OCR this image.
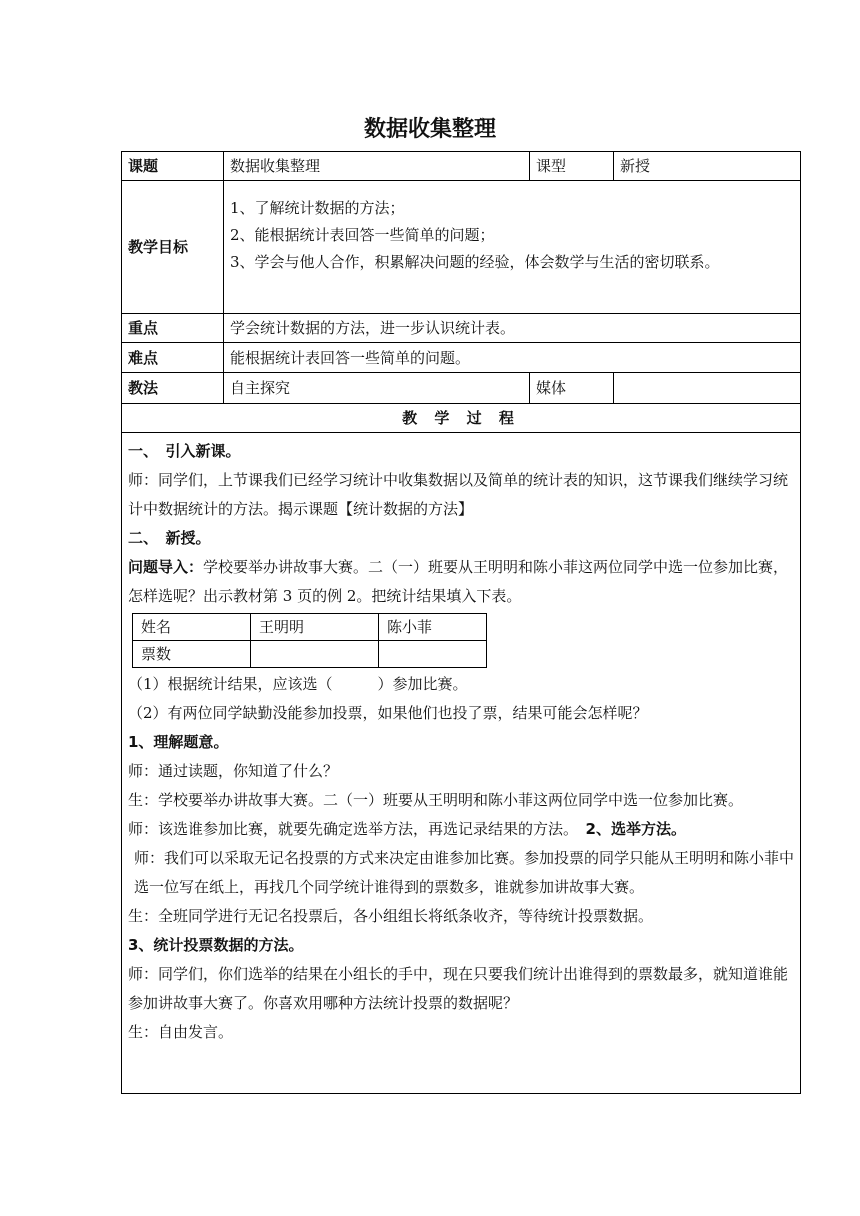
数据收集整理
课题	数据收集整理	课型	新授
教学目标	
1、了解统计数据的方法；
2、能根据统计表回答一些简单的问题；
3、学会与他人合作，积累解决问题的经验，体会数学与生活的密切联系。

重点	学会统计数据的方法，进一步认识统计表。
难点	能根据统计表回答一些简单的问题。
教法	自主探究	媒体	
教 学 过 程

一、　引入新课。

师：同学们，上节课我们已经学习统计中收集数据以及简单的统计表的知识，这节课我们继续学习统计中数据统计的方法。揭示课题【统计数据的方法】

二、　新授。

问题导入：学校要举办讲故事大赛。二（一）班要从王明明和陈小菲这两位同学中选一位参加比赛，怎样选呢？出示教材第 3 页的例 2。把统计结果填入下表。

姓名	王明明	陈小菲
票数		

（1）根据统计结果，应该选（　　　）参加比赛。

（2）有两位同学缺勤没能参加投票，如果他们也投了票，结果可能会怎样呢？

1、理解题意。

师：通过读题，你知道了什么？

生：学校要举办讲故事大赛。二（一）班要从王明明和陈小菲这两位同学中选一位参加比赛。

师：该选谁参加比赛，就要先确定选举方法，再选记录结果的方法。　 2、选举方法。

师：我们可以采取无记名投票的方式来决定由谁参加比赛。参加投票的同学只能从王明明和陈小菲中选一位写在纸上，再找几个同学统计谁得到的票数多，谁就参加讲故事大赛。

生：全班同学进行无记名投票后，各小组组长将纸条收齐，等待统计投票数据。

3、统计投票数据的方法。

师：同学们，你们选举的结果在小组长的手中，现在只要我们统计出谁得到的票数最多，就知道谁能参加讲故事大赛了。你喜欢用哪种方法统计投票的数据呢？

生：自由发言。
